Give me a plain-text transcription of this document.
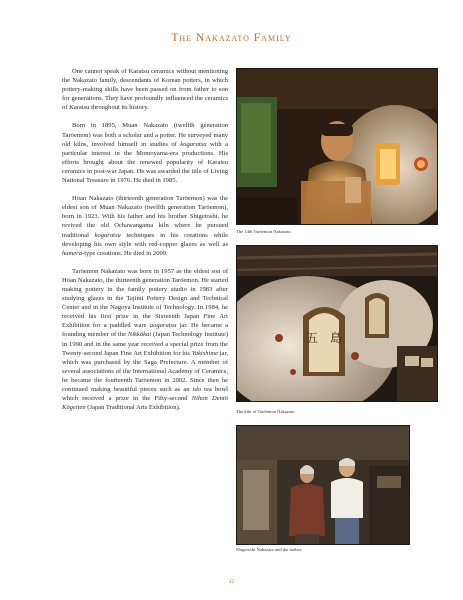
The Nakazato Family

One cannot speak of Karatsu ceramics without mentioning the Nakazato family, descendants of Korean potters, in which pottery-making skills have been passed on from father to son for generations. They have profoundly influenced the ceramics of Karatsu throughout its history.

Born in 1895, Muan Nakazato (twelfth generation Tarōemon) was both a scholar and a potter. He surveyed many old kilns, involved himself in studies of kogaratsu with a particular interest in the Momoyama-era productions. His efforts brought about the renewed popularity of Karatsu ceramics in post-war Japan. He was awarded the title of Living National Treasure in 1976. He died in 1985.

Hōan Nakazato (thirteenth generation Tarōemon) was the eldest son of Muan Nakazato (twelfth generation Tarōemon), born in 1923. With his father and his brother Shigetoshi, he revived the old Ochawangama kiln where he pursued traditional kogaratsu techniques in his creations while developing his own style with red-copper glazes as well as hamera-type creations. He died in 2009.

Tarōemon Nakazato was born in 1957 as the eldest son of Hōan Nakazato, the thirteenth generation Tarōemon. He started making pottery in the family pottery studio in 1983 after studying glazes in the Tajimi Pottery Design and Technical Center and in the Nagoya Institute of Technology. In 1984, he received his first prize in the Sixteenth Japan Fine Art Exhibition for a paddled ware aogaratsu jar. He became a founding member of the Nikkōkai (Japan Technology Institute) in 1990 and in the same year received a special prize from the Twenty-second Japan Fine Art Exhibition for his Yakishime jar, which was purchased by the Saga Prefecture. A member of several associations of the International Academy of Ceramics, he became the fourteenth Tarōemon in 2002. Since then he continued making beautiful pieces such as an ido tea bowl which received a prize in the Fifty-second Nihon Dentō Kōgeiten (Japan Traditional Arts Exhibition).

The 14th Tarōemon Nakazato.
五　島
The kiln of Tarōemon Nakazato
Shigetoshi Nakazato and the author.
42
